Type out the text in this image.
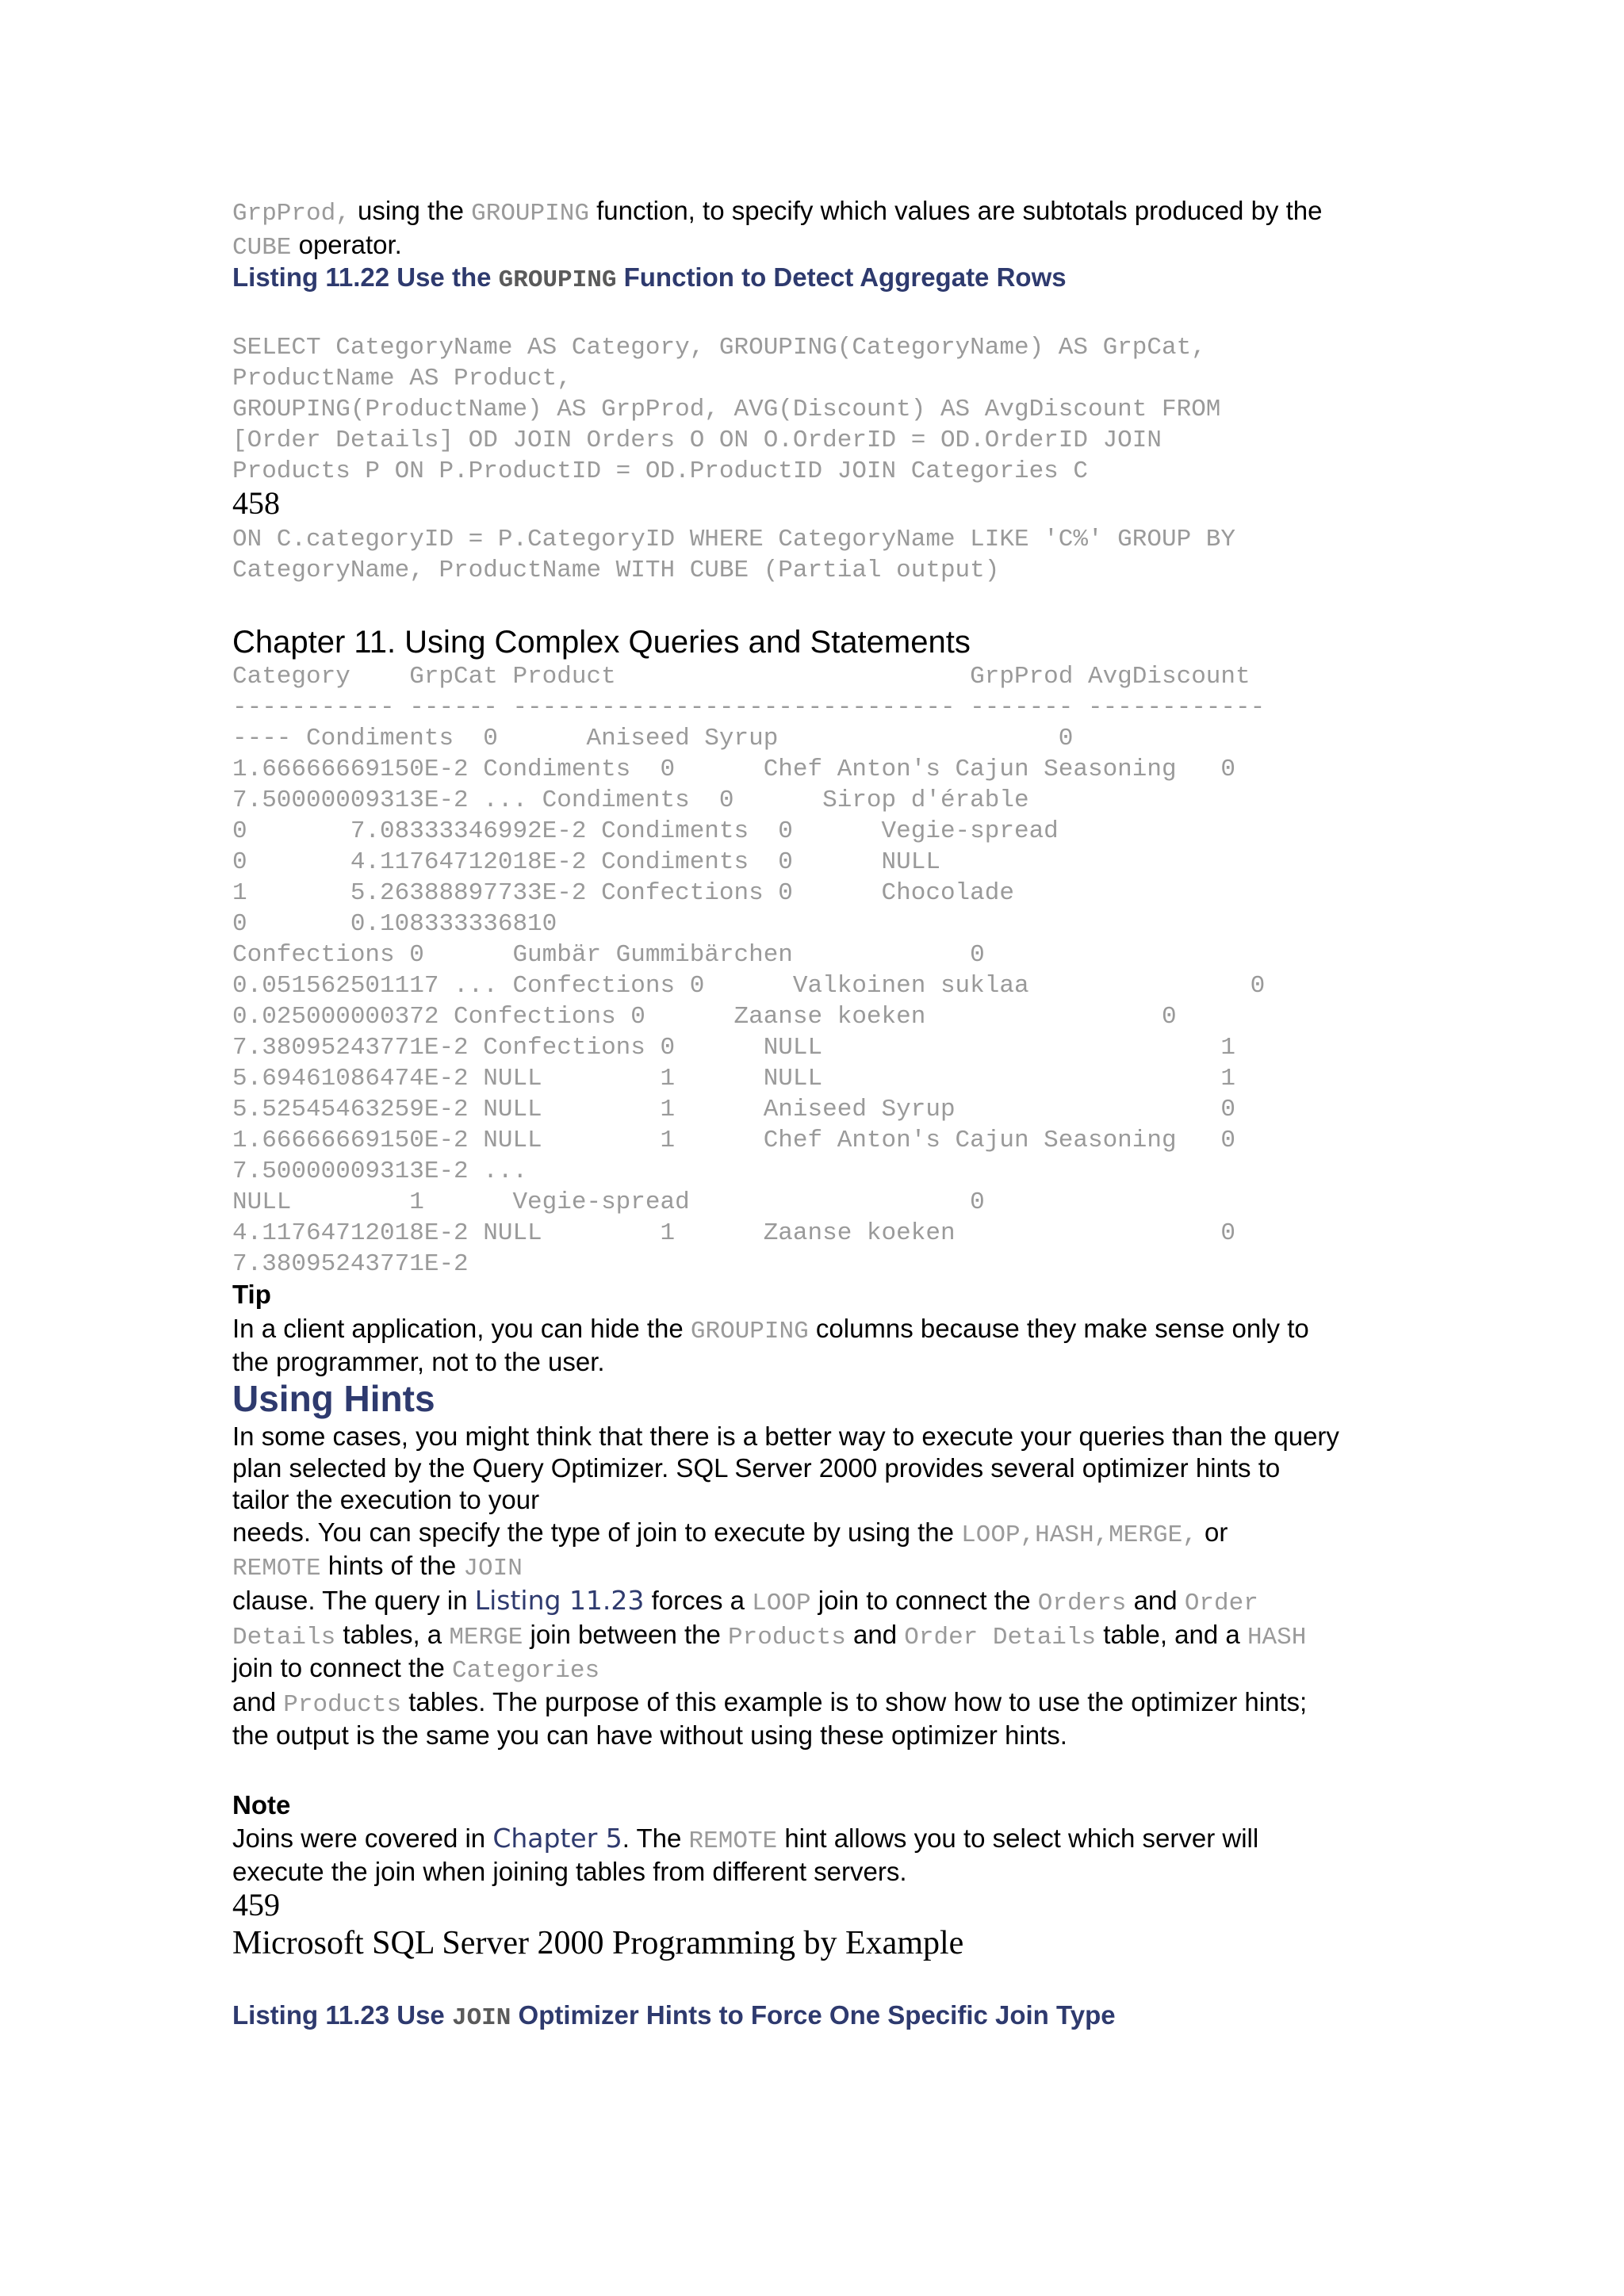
GrpProd, using the GROUPING function, to specify which values are subtotals produced by the
CUBE operator.
Listing 11.22 Use the GROUPING Function to Detect Aggregate Rows
SELECT CategoryName AS Category, GROUPING(CategoryName) AS GrpCat,
ProductName AS Product,
GROUPING(ProductName) AS GrpProd, AVG(Discount) AS AvgDiscount FROM
[Order Details] OD JOIN Orders O ON O.OrderID = OD.OrderID JOIN
Products P ON P.ProductID = OD.ProductID JOIN Categories C
458
ON C.categoryID = P.CategoryID WHERE CategoryName LIKE 'C%' GROUP BY
CategoryName, ProductName WITH CUBE (Partial output)
Chapter 11. Using Complex Queries and Statements
Category    GrpCat Product                        GrpProd AvgDiscount
----------- ------ ------------------------------ ------- ------------
---- Condiments  0      Aniseed Syrup                   0
1.66666669150E-2 Condiments  0      Chef Anton's Cajun Seasoning   0
7.50000009313E-2 ... Condiments  0      Sirop d'érable
0       7.08333346992E-2 Condiments  0      Vegie-spread
0       4.11764712018E-2 Condiments  0      NULL
1       5.26388897733E-2 Confections 0      Chocolade
0       0.108333336810
Confections 0      Gumbär Gummibärchen            0
0.051562501117 ... Confections 0      Valkoinen suklaa               0
0.025000000372 Confections 0      Zaanse koeken                0
7.38095243771E-2 Confections 0      NULL                           1
5.69461086474E-2 NULL        1      NULL                           1
5.52545463259E-2 NULL        1      Aniseed Syrup                  0
1.66666669150E-2 NULL        1      Chef Anton's Cajun Seasoning   0
7.50000009313E-2 ...
NULL        1      Vegie-spread                   0
4.11764712018E-2 NULL        1      Zaanse koeken                  0
7.38095243771E-2
Tip
In a client application, you can hide the GROUPING columns because they make sense only to
the programmer, not to the user.
Using Hints
In some cases, you might think that there is a better way to execute your queries than the query
plan selected by the Query Optimizer. SQL Server 2000 provides several optimizer hints to
tailor the execution to your
needs. You can specify the type of join to execute by using the LOOP,HASH,MERGE, or
REMOTE hints of the JOIN
clause. The query in Listing 11.23 forces a LOOP join to connect the Orders and Order
Details tables, a MERGE join between the Products and Order Details table, and a HASH
join to connect the Categories
and Products tables. The purpose of this example is to show how to use the optimizer hints;
the output is the same you can have without using these optimizer hints.
Note
Joins were covered in Chapter 5. The REMOTE hint allows you to select which server will
execute the join when joining tables from different servers.
459
Microsoft SQL Server 2000 Programming by Example
Listing 11.23 Use JOIN Optimizer Hints to Force One Specific Join Type
